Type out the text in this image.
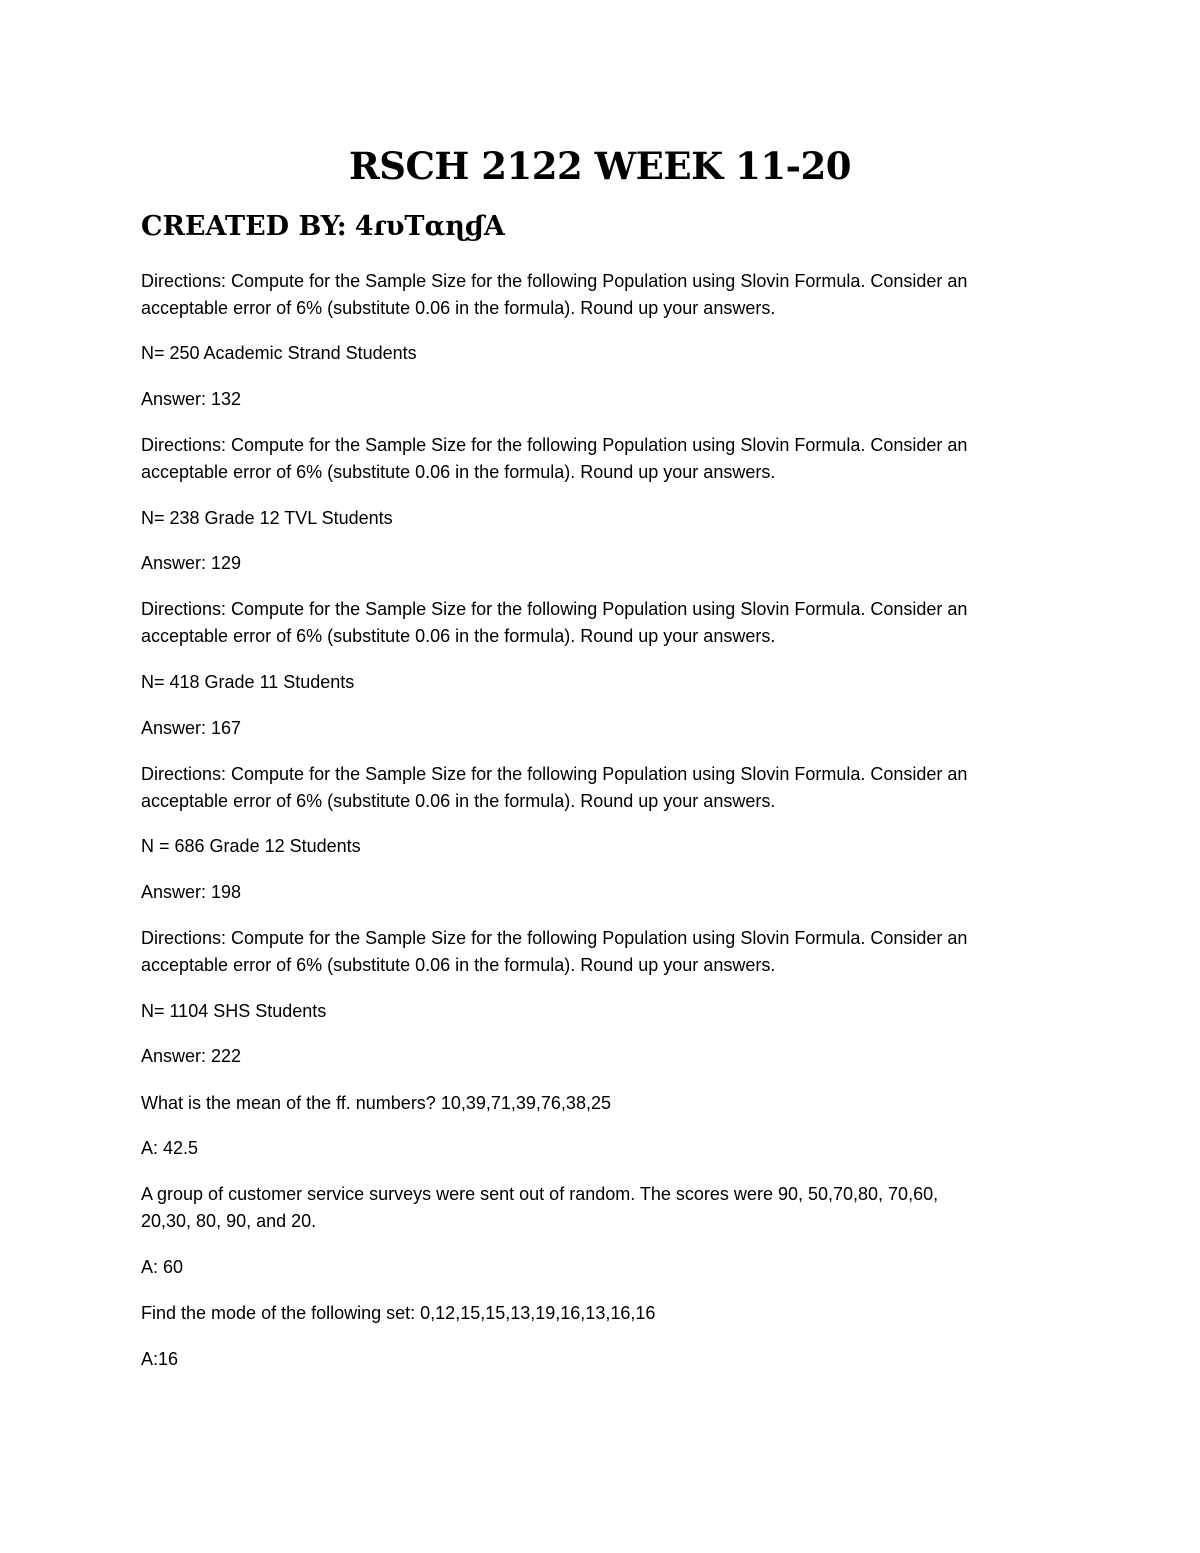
RSCH 2122 WEEK 11-20

CREATED BY: 4ɾυTαɳɠA

Directions: Compute for the Sample Size for the following Population using Slovin Formula. Consider an
acceptable error of 6% (substitute 0.06 in the formula). Round up your answers.

N= 250 Academic Strand Students

Answer: 132

Directions: Compute for the Sample Size for the following Population using Slovin Formula. Consider an
acceptable error of 6% (substitute 0.06 in the formula). Round up your answers.

N= 238 Grade 12 TVL Students

Answer: 129

Directions: Compute for the Sample Size for the following Population using Slovin Formula. Consider an
acceptable error of 6% (substitute 0.06 in the formula). Round up your answers.

N= 418 Grade 11 Students

Answer: 167

Directions: Compute for the Sample Size for the following Population using Slovin Formula. Consider an
acceptable error of 6% (substitute 0.06 in the formula). Round up your answers.

N = 686 Grade 12 Students

Answer: 198

Directions: Compute for the Sample Size for the following Population using Slovin Formula. Consider an
acceptable error of 6% (substitute 0.06 in the formula). Round up your answers.

N= 1104 SHS Students

Answer: 222

What is the mean of the ff. numbers? 10,39,71,39,76,38,25

A: 42.5

A group of customer service surveys were sent out of random. The scores were 90, 50,70,80, 70,60,
20,30, 80, 90, and 20.

A: 60

Find the mode of the following set: 0,12,15,15,13,19,16,13,16,16

A:16
